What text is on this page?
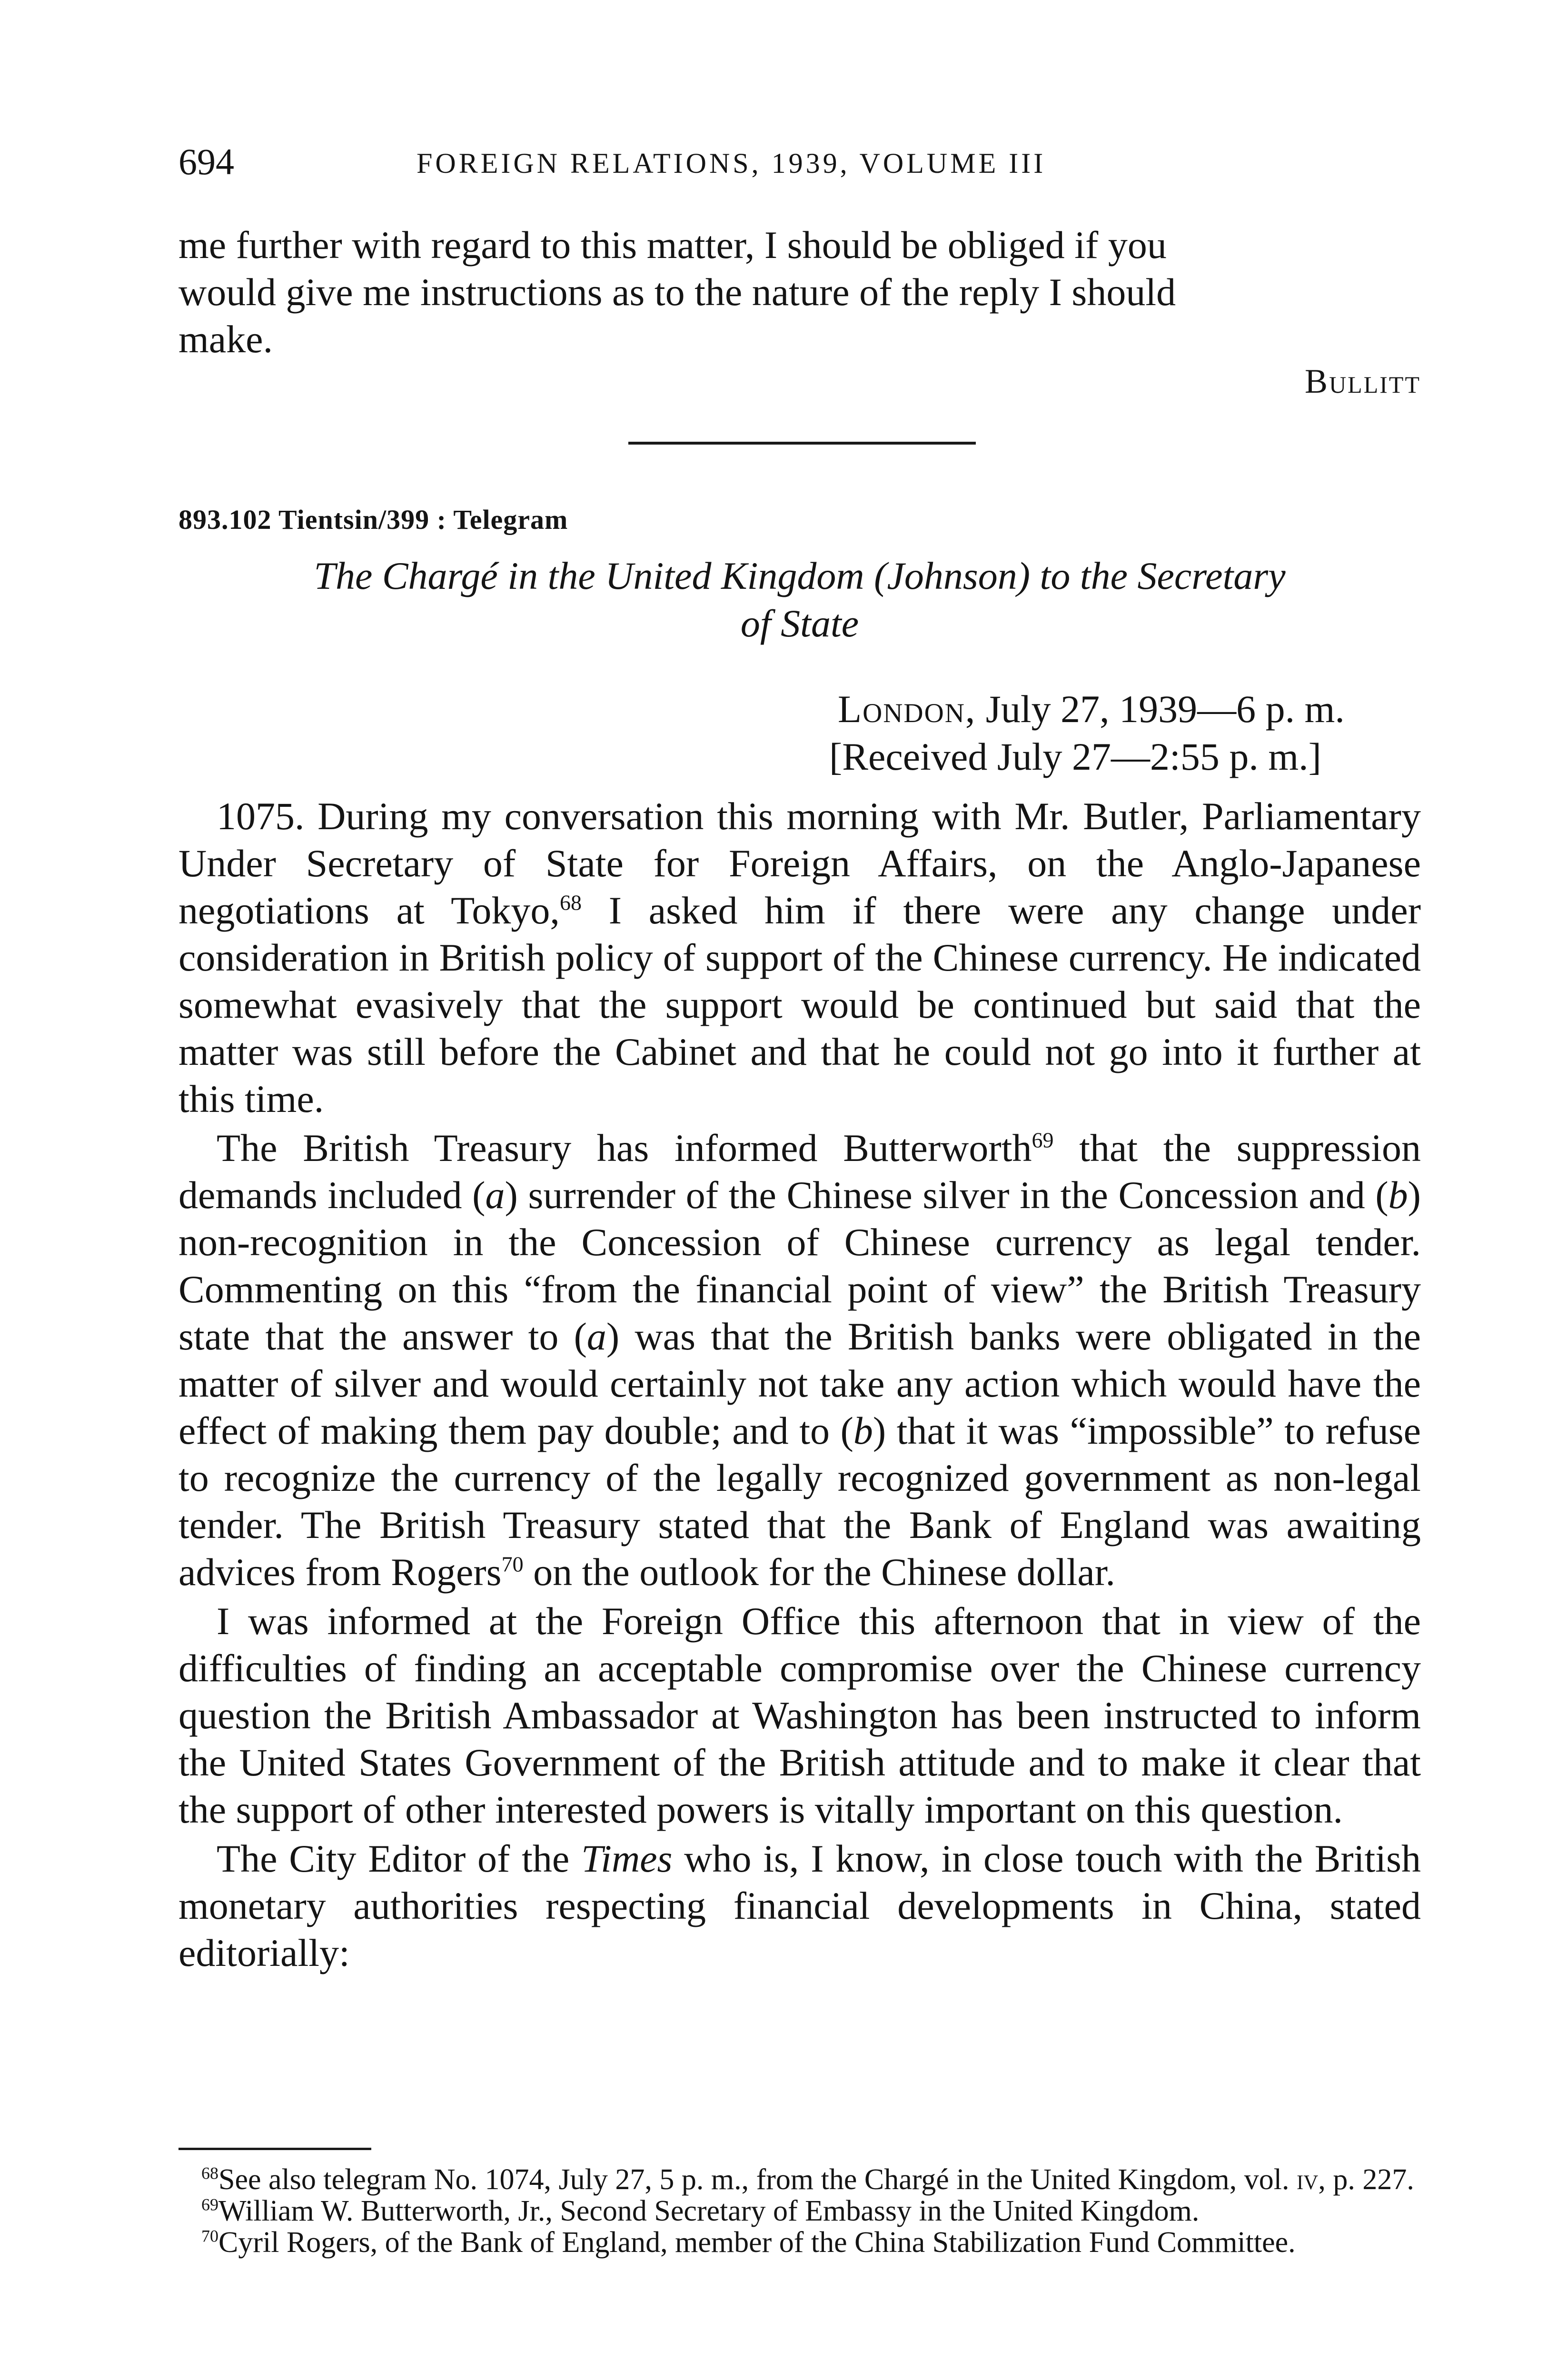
694	FOREIGN RELATIONS, 1939, VOLUME III

me further with regard to this matter, I should be obliged if you

would give me instructions as to the nature of the reply I should

make.

Bullitt
893.102 Tientsin/399 : Telegram
The Chargé in the United Kingdom (Johnson) to the Secretary
of State
London, July 27, 1939—6 p. m.
[Received July 27—2:55 p. m.]

1075. During my conversation this morning with Mr. Butler, Parliamentary Under Secretary of State for Foreign Affairs, on the Anglo-Japanese negotiations at Tokyo,$^{68}$ I asked him if there were any change under consideration in British policy of support of the Chinese currency. He indicated somewhat evasively that the support would be continued but said that the matter was still before the Cabinet and that he could not go into it further at this time.

The British Treasury has informed Butterworth$^{69}$ that the suppression demands included (a) surrender of the Chinese silver in the Concession and (b) non-recognition in the Concession of Chinese currency as legal tender. Commenting on this “from the financial point of view” the British Treasury state that the answer to (a) was that the British banks were obligated in the matter of silver and would certainly not take any action which would have the effect of making them pay double; and to (b) that it was “impossible” to refuse to recognize the currency of the legally recognized government as non-legal tender. The British Treasury stated that the Bank of England was awaiting advices from Rogers$^{70}$ on the outlook for the Chinese dollar.

I was informed at the Foreign Office this afternoon that in view of the difficulties of finding an acceptable compromise over the Chinese currency question the British Ambassador at Washington has been instructed to inform the United States Government of the British attitude and to make it clear that the support of other interested powers is vitally important on this question.

The City Editor of the Times who is, I know, in close touch with the British monetary authorities respecting financial developments in China, stated editorially:

$^{68}$See also telegram No. 1074, July 27, 5 p. m., from the Chargé in the United Kingdom, vol. iv, p. 227.

$^{69}$William W. Butterworth, Jr., Second Secretary of Embassy in the United Kingdom.

$^{70}$Cyril Rogers, of the Bank of England, member of the China Stabilization Fund Committee.
